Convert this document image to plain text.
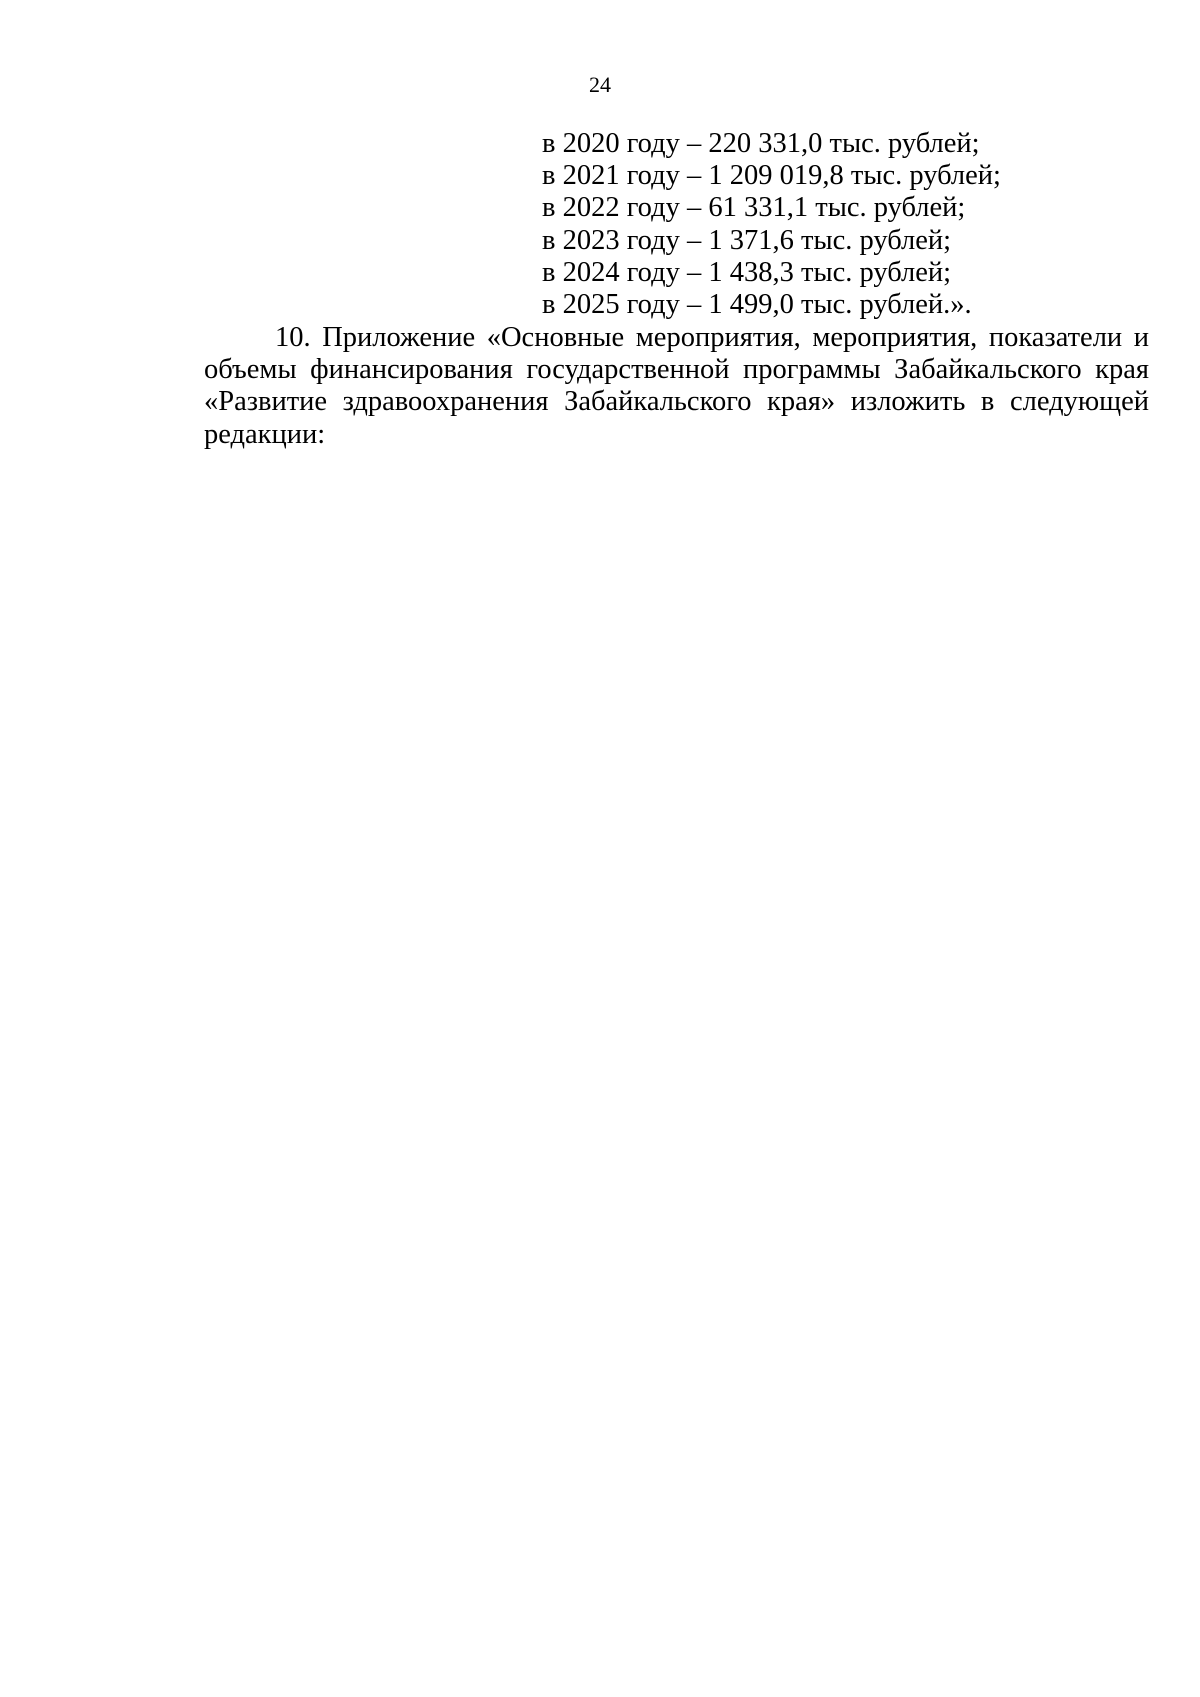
24
в 2020 году – 220 331,0 тыс. рублей;
в 2021 году – 1 209 019,8 тыс. рублей;
в 2022 году – 61 331,1 тыс. рублей;
в 2023 году – 1 371,6 тыс. рублей;
в 2024 году – 1 438,3 тыс. рублей;
в 2025 году – 1 499,0 тыс. рублей.».
10. Приложение «Основные мероприятия, мероприятия, показатели и
объемы финансирования государственной программы Забайкальского края
«Развитие здравоохранения Забайкальского края» изложить в следующей
редакции:
